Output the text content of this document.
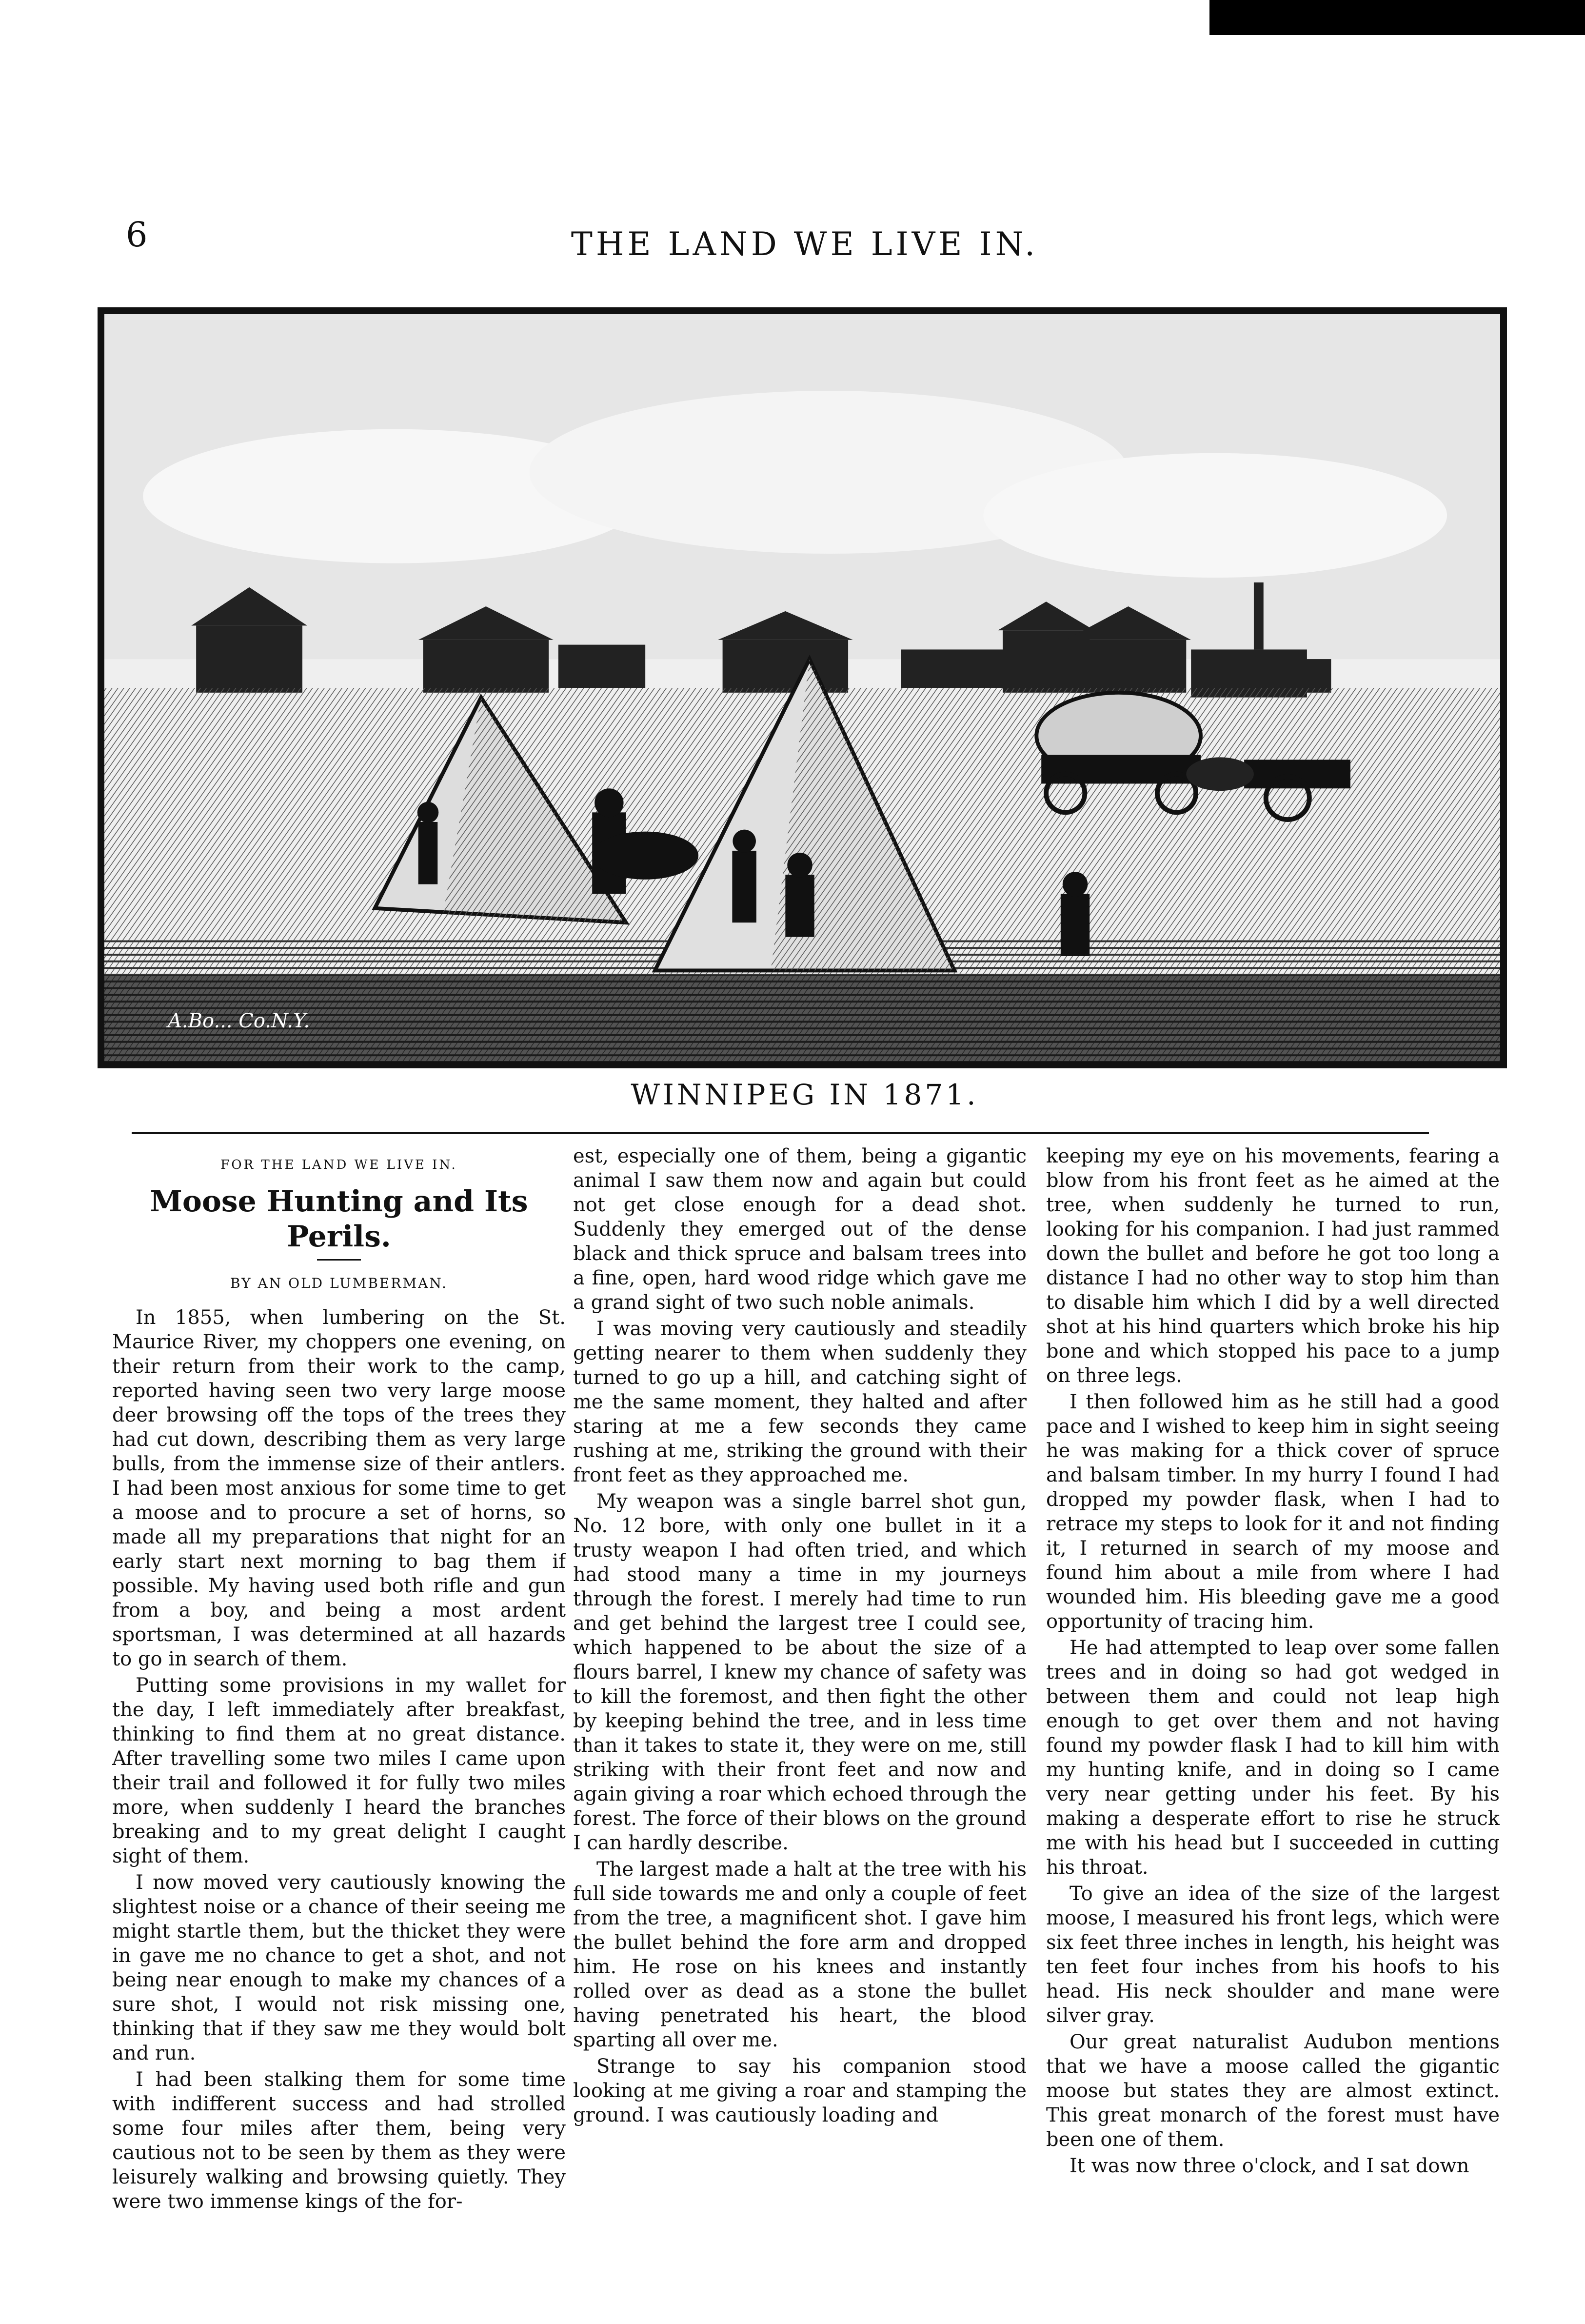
6	THE LAND WE LIVE IN.
A.Bo... Co.N.Y.
WINNIPEG IN 1871.
FOR THE LAND WE LIVE IN.
Moose Hunting and Its Perils.
BY AN OLD LUMBERMAN.

In 1855, when lumbering on the St. Maurice River, my choppers one evening, on their return from their work to the camp, reported having seen two very large moose deer browsing off the tops of the trees they had cut down, describing them as very large bulls, from the immense size of their antlers. I had been most anxious for some time to get a moose and to procure a set of horns, so made all my preparations that night for an early start next morning to bag them if possible. My having used both rifle and gun from a boy, and being a most ardent sportsman, I was determined at all hazards to go in search of them.

Putting some provisions in my wallet for the day, I left immediately after breakfast, thinking to find them at no great distance. After travelling some two miles I came upon their trail and followed it for fully two miles more, when suddenly I heard the branches breaking and to my great delight I caught sight of them.

I now moved very cautiously knowing the slightest noise or a chance of their seeing me might startle them, but the thicket they were in gave me no chance to get a shot, and not being near enough to make my chances of a sure shot, I would not risk missing one, thinking that if they saw me they would bolt and run.

I had been stalking them for some time with indifferent success and had strolled some four miles after them, being very cautious not to be seen by them as they were leisurely walking and browsing quietly. They were two immense kings of the for-

est, especially one of them, being a gigantic animal I saw them now and again but could not get close enough for a dead shot. Suddenly they emerged out of the dense black and thick spruce and balsam trees into a fine, open, hard wood ridge which gave me a grand sight of two such noble animals.

I was moving very cautiously and steadily getting nearer to them when suddenly they turned to go up a hill, and catching sight of me the same moment, they halted and after staring at me a few seconds they came rushing at me, striking the ground with their front feet as they approached me.

My weapon was a single barrel shot gun, No. 12 bore, with only one bullet in it a trusty weapon I had often tried, and which had stood many a time in my journeys through the forest. I merely had time to run and get behind the largest tree I could see, which happened to be about the size of a flours barrel, I knew my chance of safety was to kill the foremost, and then fight the other by keeping behind the tree, and in less time than it takes to state it, they were on me, still striking with their front feet and now and again giving a roar which echoed through the forest. The force of their blows on the ground I can hardly describe.

The largest made a halt at the tree with his full side towards me and only a couple of feet from the tree, a magnificent shot. I gave him the bullet behind the fore arm and dropped him. He rose on his knees and instantly rolled over as dead as a stone the bullet having penetrated his heart, the blood sparting all over me.

Strange to say his companion stood looking at me giving a roar and stamping the ground. I was cautiously loading and

keeping my eye on his movements, fearing a blow from his front feet as he aimed at the tree, when suddenly he turned to run, looking for his companion. I had just rammed down the bullet and before he got too long a distance I had no other way to stop him than to disable him which I did by a well directed shot at his hind quarters which broke his hip bone and which stopped his pace to a jump on three legs.

I then followed him as he still had a good pace and I wished to keep him in sight seeing he was making for a thick cover of spruce and balsam timber. In my hurry I found I had dropped my powder flask, when I had to retrace my steps to look for it and not finding it, I returned in search of my moose and found him about a mile from where I had wounded him. His bleeding gave me a good opportunity of tracing him.

He had attempted to leap over some fallen trees and in doing so had got wedged in between them and could not leap high enough to get over them and not having found my powder flask I had to kill him with my hunting knife, and in doing so I came very near getting under his feet. By his making a desperate effort to rise he struck me with his head but I succeeded in cutting his throat.

To give an idea of the size of the largest moose, I measured his front legs, which were six feet three inches in length, his height was ten feet four inches from his hoofs to his head. His neck shoulder and mane were silver gray.

Our great naturalist Audubon mentions that we have a moose called the gigantic moose but states they are almost extinct. This great monarch of the forest must have been one of them.

It was now three o'clock, and I sat down
